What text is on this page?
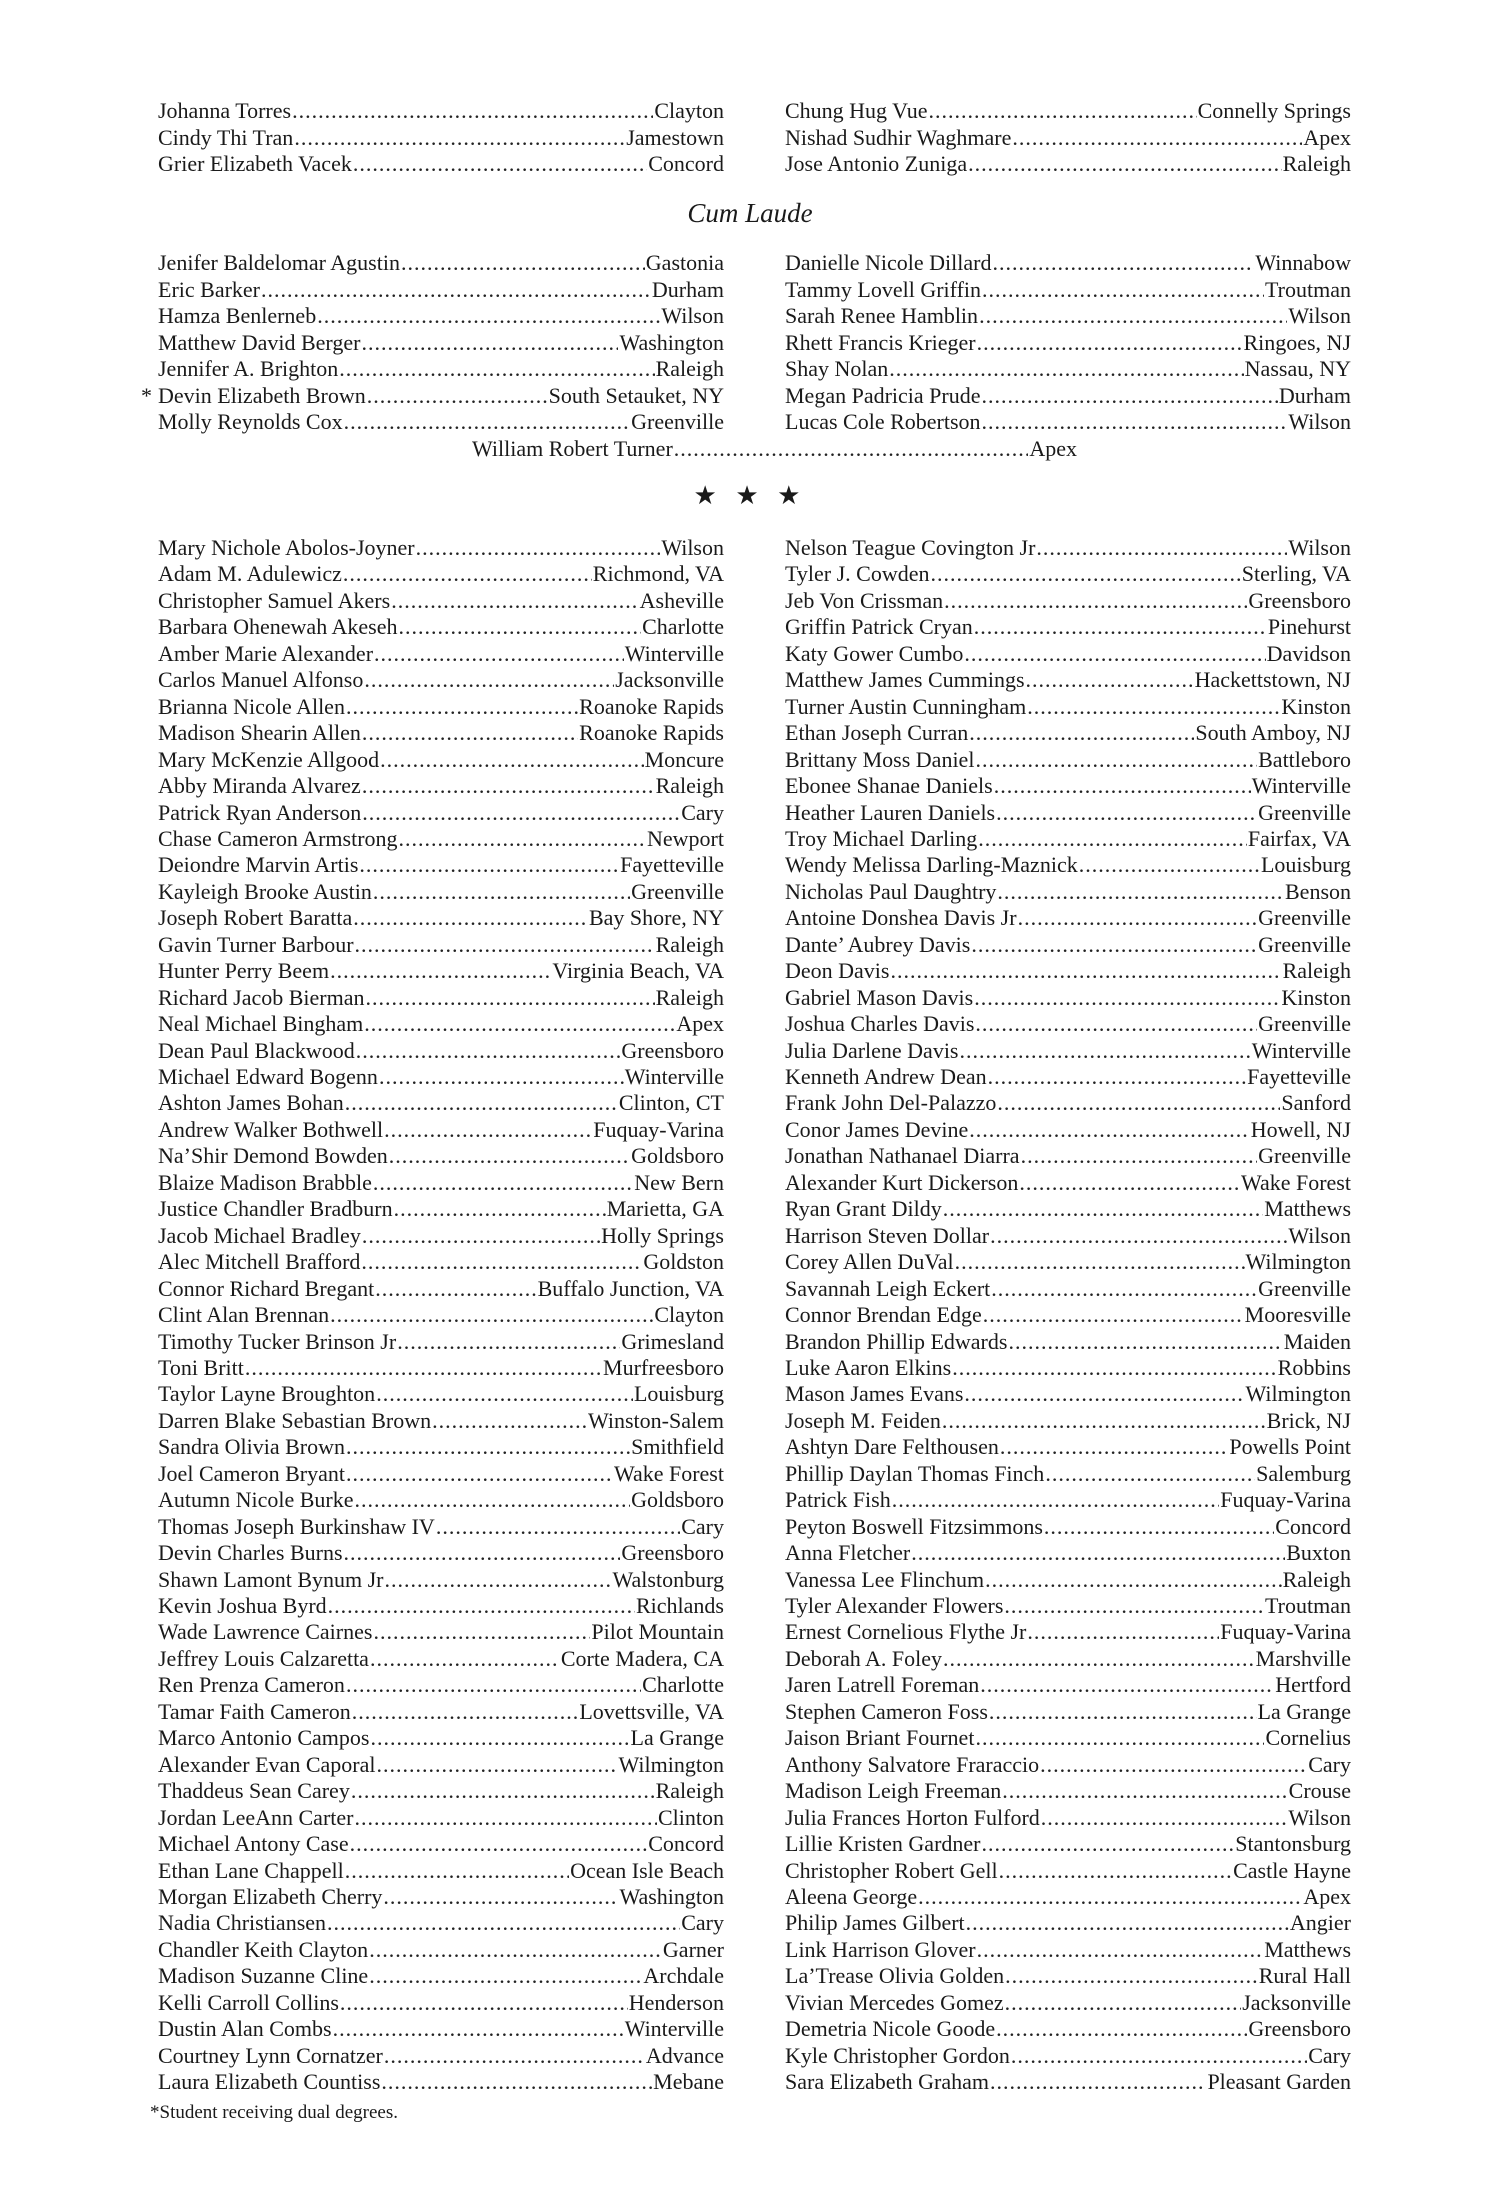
Cum Laude
★ ★ ★
*Student receiving dual degrees.
Johanna Torres .....	Clayton
Cindy Thi Tran .....	Jamestown
Grier Elizabeth Vacek .....	Concord
Chung Hug Vue .....	Connelly Springs
Nishad Sudhir Waghmare .....	Apex
Jose Antonio Zuniga .....	Raleigh
Jenifer Baldelomar Agustin .....	Gastonia
Eric Barker .....	Durham
Hamza Benlerneb .....	Wilson
Matthew David Berger .....	Washington
Jennifer A. Brighton .....	Raleigh
* Devin Elizabeth Brown .....	South Setauket, NY
Molly Reynolds Cox .....	Greenville
Danielle Nicole Dillard .....	Winnabow
Tammy Lovell Griffin .....	Troutman
Sarah Renee Hamblin .....	Wilson
Rhett Francis Krieger .....	Ringoes, NJ
Shay Nolan .....	Nassau, NY
Megan Padricia Prude .....	Durham
Lucas Cole Robertson .....	Wilson
William Robert Turner .....	Apex
Mary Nichole Abolos-Joyner .....	Wilson
Adam M. Adulewicz .....	Richmond, VA
Christopher Samuel Akers .....	Asheville
Barbara Ohenewah Akeseh .....	Charlotte
Amber Marie Alexander .....	Winterville
Carlos Manuel Alfonso .....	Jacksonville
Brianna Nicole Allen .....	Roanoke Rapids
Madison Shearin Allen .....	Roanoke Rapids
Mary McKenzie Allgood .....	Moncure
Abby Miranda Alvarez .....	Raleigh
Patrick Ryan Anderson .....	Cary
Chase Cameron Armstrong .....	Newport
Deiondre Marvin Artis .....	Fayetteville
Kayleigh Brooke Austin .....	Greenville
Joseph Robert Baratta .....	Bay Shore, NY
Gavin Turner Barbour .....	Raleigh
Hunter Perry Beem .....	Virginia Beach, VA
Richard Jacob Bierman .....	Raleigh
Neal Michael Bingham .....	Apex
Dean Paul Blackwood .....	Greensboro
Michael Edward Bogenn .....	Winterville
Ashton James Bohan .....	Clinton, CT
Andrew Walker Bothwell .....	Fuquay-Varina
Na’Shir Demond Bowden .....	Goldsboro
Blaize Madison Brabble .....	New Bern
Justice Chandler Bradburn .....	Marietta, GA
Jacob Michael Bradley .....	Holly Springs
Alec Mitchell Brafford .....	Goldston
Connor Richard Bregant .....	Buffalo Junction, VA
Clint Alan Brennan .....	Clayton
Timothy Tucker Brinson Jr .....	Grimesland
Toni Britt .....	Murfreesboro
Taylor Layne Broughton .....	Louisburg
Darren Blake Sebastian Brown .....	Winston-Salem
Sandra Olivia Brown .....	Smithfield
Joel Cameron Bryant .....	Wake Forest
Autumn Nicole Burke .....	Goldsboro
Thomas Joseph Burkinshaw IV .....	Cary
Devin Charles Burns .....	Greensboro
Shawn Lamont Bynum Jr .....	Walstonburg
Kevin Joshua Byrd .....	Richlands
Wade Lawrence Cairnes .....	Pilot Mountain
Jeffrey Louis Calzaretta .....	Corte Madera, CA
Ren Prenza Cameron .....	Charlotte
Tamar Faith Cameron .....	Lovettsville, VA
Marco Antonio Campos .....	La Grange
Alexander Evan Caporal .....	Wilmington
Thaddeus Sean Carey .....	Raleigh
Jordan LeeAnn Carter .....	Clinton
Michael Antony Case .....	Concord
Ethan Lane Chappell .....	Ocean Isle Beach
Morgan Elizabeth Cherry .....	Washington
Nadia Christiansen .....	Cary
Chandler Keith Clayton .....	Garner
Madison Suzanne Cline .....	Archdale
Kelli Carroll Collins .....	Henderson
Dustin Alan Combs .....	Winterville
Courtney Lynn Cornatzer .....	Advance
Laura Elizabeth Countiss .....	Mebane
Nelson Teague Covington Jr .....	Wilson
Tyler J. Cowden .....	Sterling, VA
Jeb Von Crissman .....	Greensboro
Griffin Patrick Cryan .....	Pinehurst
Katy Gower Cumbo .....	Davidson
Matthew James Cummings .....	Hackettstown, NJ
Turner Austin Cunningham .....	Kinston
Ethan Joseph Curran .....	South Amboy, NJ
Brittany Moss Daniel .....	Battleboro
Ebonee Shanae Daniels .....	Winterville
Heather Lauren Daniels .....	Greenville
Troy Michael Darling .....	Fairfax, VA
Wendy Melissa Darling-Maznick .....	Louisburg
Nicholas Paul Daughtry .....	Benson
Antoine Donshea Davis Jr .....	Greenville
Dante’ Aubrey Davis .....	Greenville
Deon Davis .....	Raleigh
Gabriel Mason Davis .....	Kinston
Joshua Charles Davis .....	Greenville
Julia Darlene Davis .....	Winterville
Kenneth Andrew Dean .....	Fayetteville
Frank John Del-Palazzo .....	Sanford
Conor James Devine .....	Howell, NJ
Jonathan Nathanael Diarra .....	Greenville
Alexander Kurt Dickerson .....	Wake Forest
Ryan Grant Dildy .....	Matthews
Harrison Steven Dollar .....	Wilson
Corey Allen DuVal .....	Wilmington
Savannah Leigh Eckert .....	Greenville
Connor Brendan Edge .....	Mooresville
Brandon Phillip Edwards .....	Maiden
Luke Aaron Elkins .....	Robbins
Mason James Evans .....	Wilmington
Joseph M. Feiden .....	Brick, NJ
Ashtyn Dare Felthousen .....	Powells Point
Phillip Daylan Thomas Finch .....	Salemburg
Patrick Fish .....	Fuquay-Varina
Peyton Boswell Fitzsimmons .....	Concord
Anna Fletcher .....	Buxton
Vanessa Lee Flinchum .....	Raleigh
Tyler Alexander Flowers .....	Troutman
Ernest Cornelious Flythe Jr .....	Fuquay-Varina
Deborah A. Foley .....	Marshville
Jaren Latrell Foreman .....	Hertford
Stephen Cameron Foss .....	La Grange
Jaison Briant Fournet .....	Cornelius
Anthony Salvatore Fraraccio .....	Cary
Madison Leigh Freeman .....	Crouse
Julia Frances Horton Fulford .....	Wilson
Lillie Kristen Gardner .....	Stantonsburg
Christopher Robert Gell .....	Castle Hayne
Aleena George .....	Apex
Philip James Gilbert .....	Angier
Link Harrison Glover .....	Matthews
La’Trease Olivia Golden .....	Rural Hall
Vivian Mercedes Gomez .....	Jacksonville
Demetria Nicole Goode .....	Greensboro
Kyle Christopher Gordon .....	Cary
Sara Elizabeth Graham .....	Pleasant Garden
